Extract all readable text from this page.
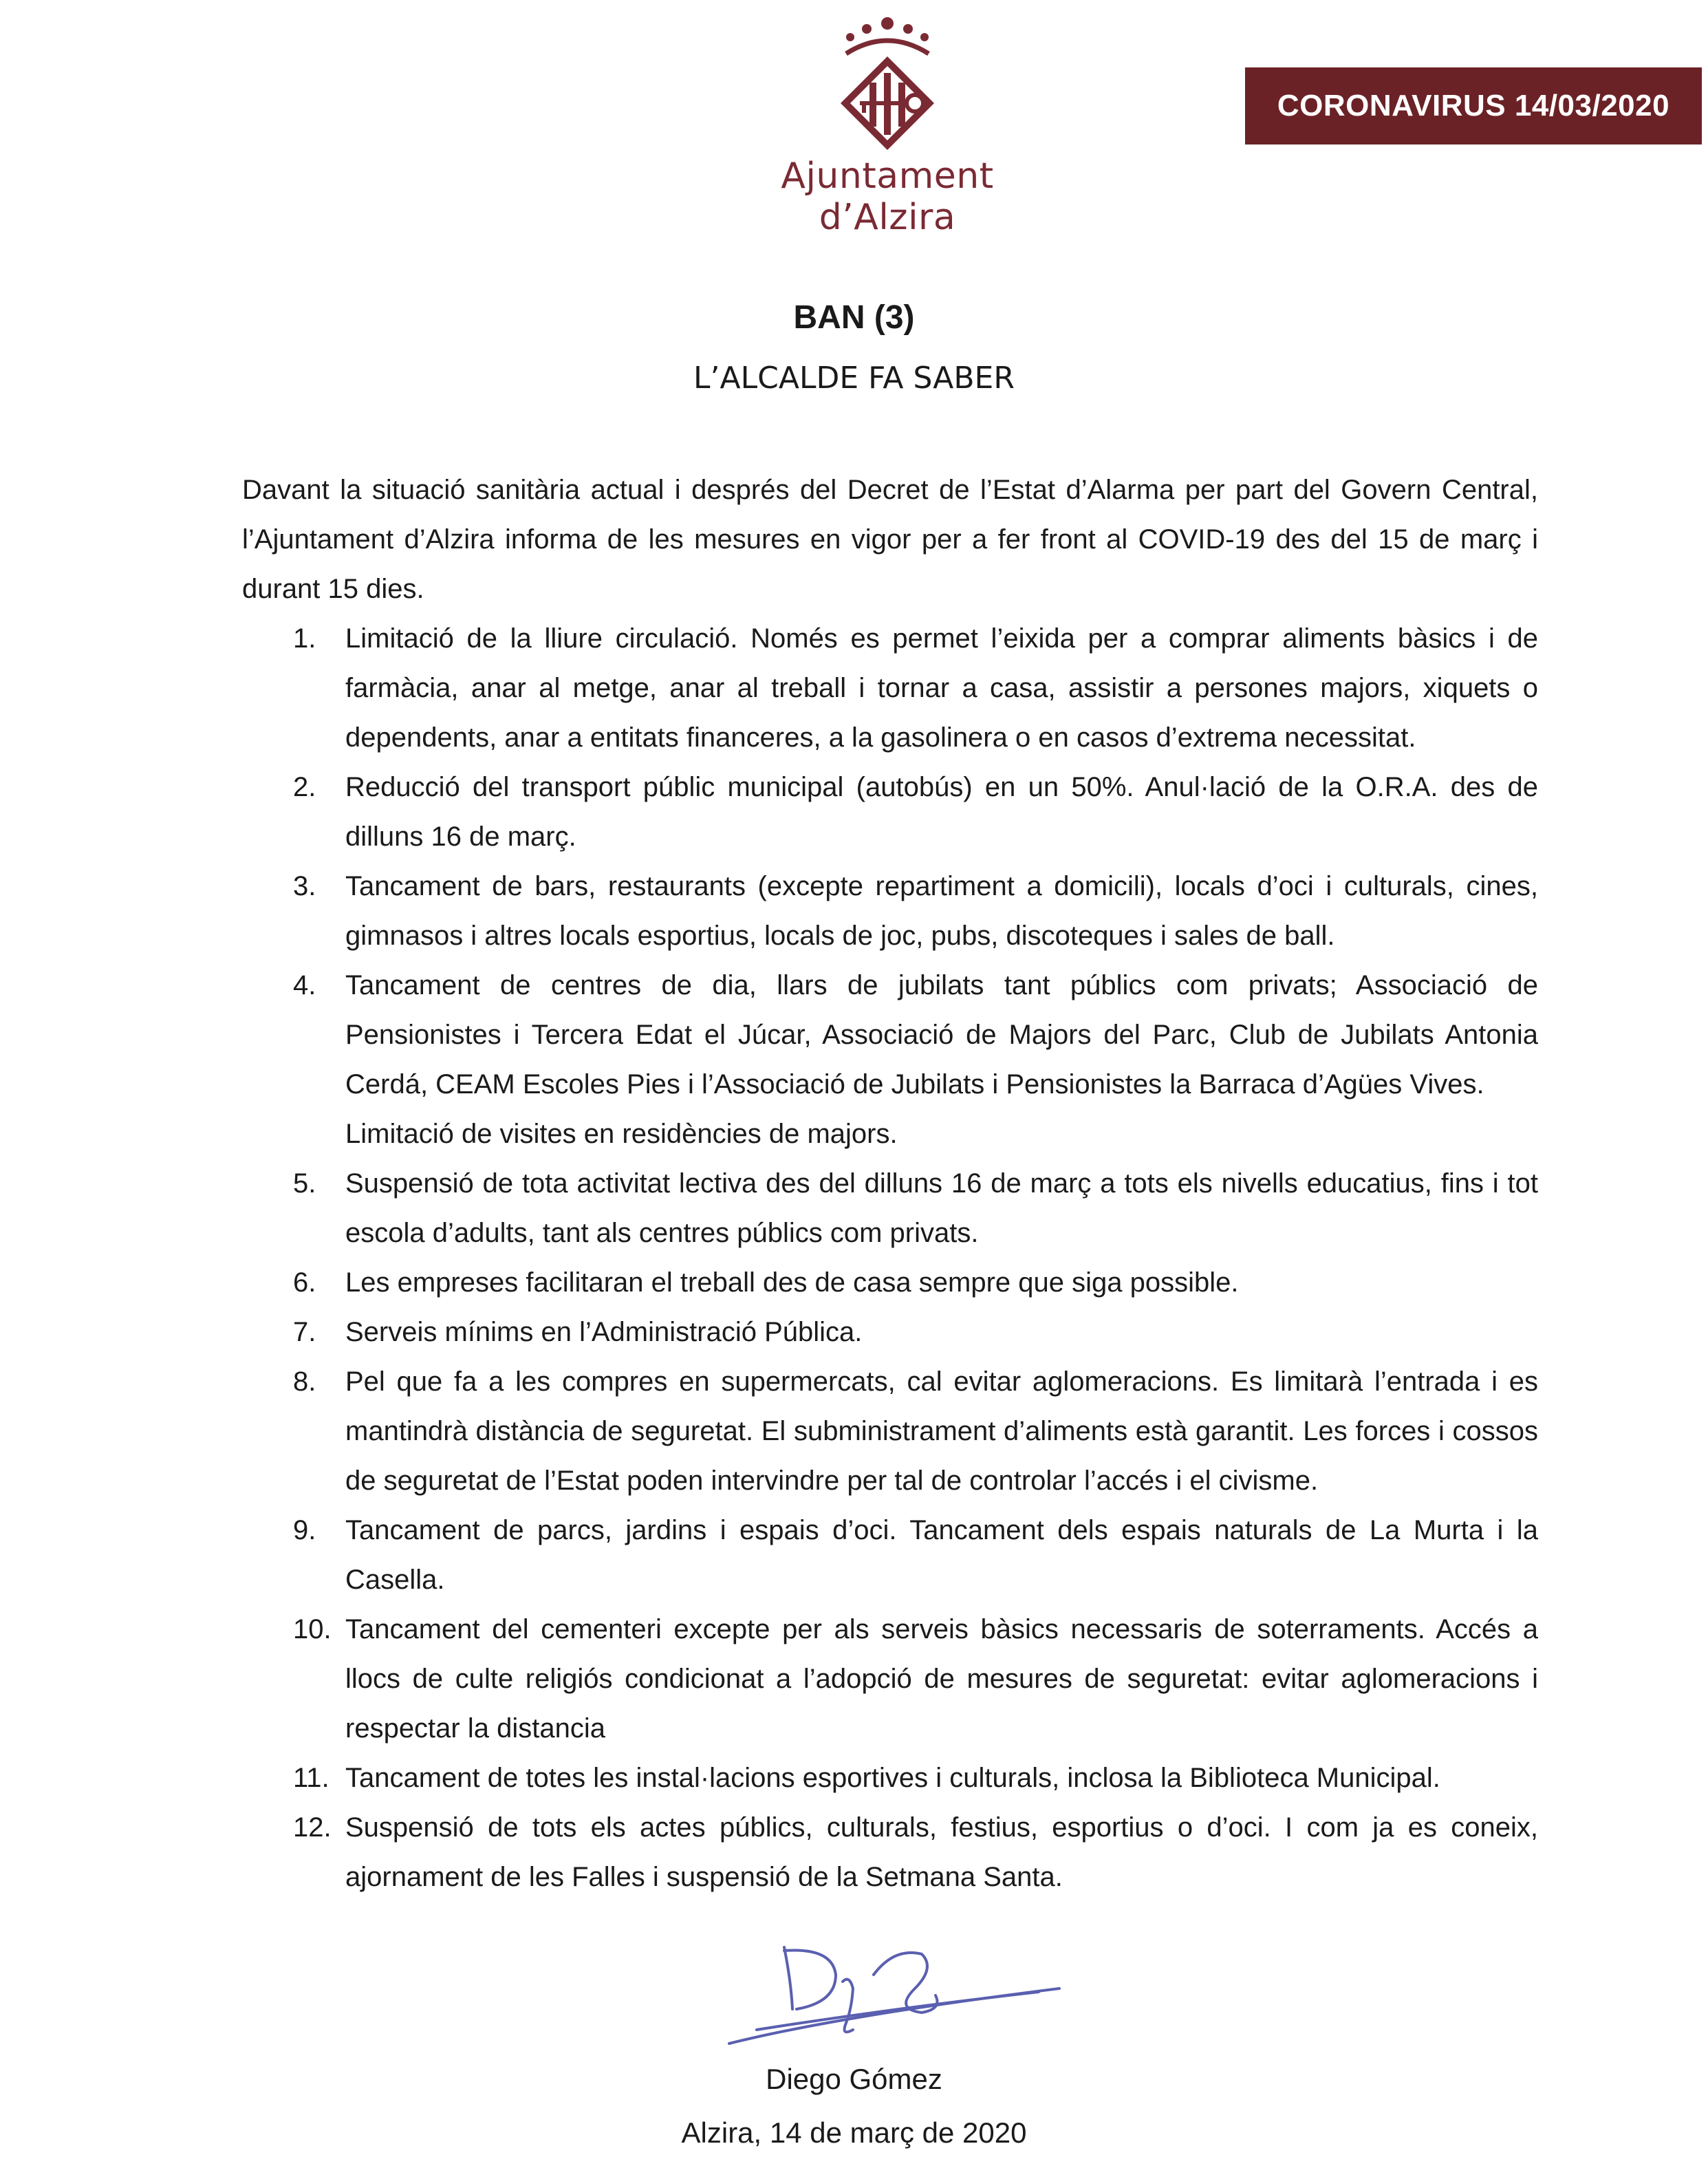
Ajuntament d’Alzira
CORONAVIRUS 14/03/2020
BAN (3)
L’ALCALDE FA SABER

Davant la situació sanitària actual i després del Decret de l’Estat d’Alarma per part del Govern Central, l’Ajuntament d’Alzira informa de les mesures en vigor per a fer front al COVID-19 des del 15 de març i durant 15 dies.

1.	Limitació de la lliure circulació. Només es permet l’eixida per a comprar aliments bàsics i de farmàcia, anar al metge, anar al treball i tornar a casa, assistir a persones majors, xiquets o dependents, anar a entitats financeres, a la gasolinera o en casos d’extrema necessitat.
2.	Reducció del transport públic municipal (autobús) en un 50%. Anul·lació de la O.R.A. des de dilluns 16 de març.
3.	Tancament de bars, restaurants (excepte repartiment a domicili), locals d’oci i culturals, cines, gimnasos i altres locals esportius, locals de joc, pubs, discoteques i sales de ball.
4.	Tancament de centres de dia, llars de jubilats tant públics com privats; Associació de Pensionistes i Tercera Edat el Júcar, Associació de Majors del Parc, Club de Jubilats Antonia Cerdá, CEAM Escoles Pies i l’Associació de Jubilats i Pensionistes la Barraca d’Agües Vives.
Limitació de visites en residències de majors.
5.	Suspensió de tota activitat lectiva des del dilluns 16 de març a tots els nivells educatius, fins i tot escola d’adults, tant als centres públics com privats.
6.	Les empreses facilitaran el treball des de casa sempre que siga possible.
7.	Serveis mínims en l’Administració Pública.
8.	Pel que fa a les compres en supermercats, cal evitar aglomeracions. Es limitarà l’entrada i es mantindrà distància de seguretat. El subministrament d’aliments està garantit. Les forces i cossos de seguretat de l’Estat poden intervindre per tal de controlar l’accés i el civisme.
9.	Tancament de parcs, jardins i espais d’oci. Tancament dels espais naturals de La Murta i la Casella.
10. Tancament del cementeri excepte per als serveis bàsics necessaris de soterraments. Accés a llocs de culte religiós condicionat a l’adopció de mesures de seguretat: evitar aglomeracions i respectar la distancia
11. Tancament de totes les instal·lacions esportives i culturals, inclosa la Biblioteca Municipal.
12. Suspensió de tots els actes públics, culturals, festius, esportius o d’oci. I com ja es coneix, ajornament de les Falles i suspensió de la Setmana Santa.
Diego Gómez
Alzira, 14 de març de 2020
